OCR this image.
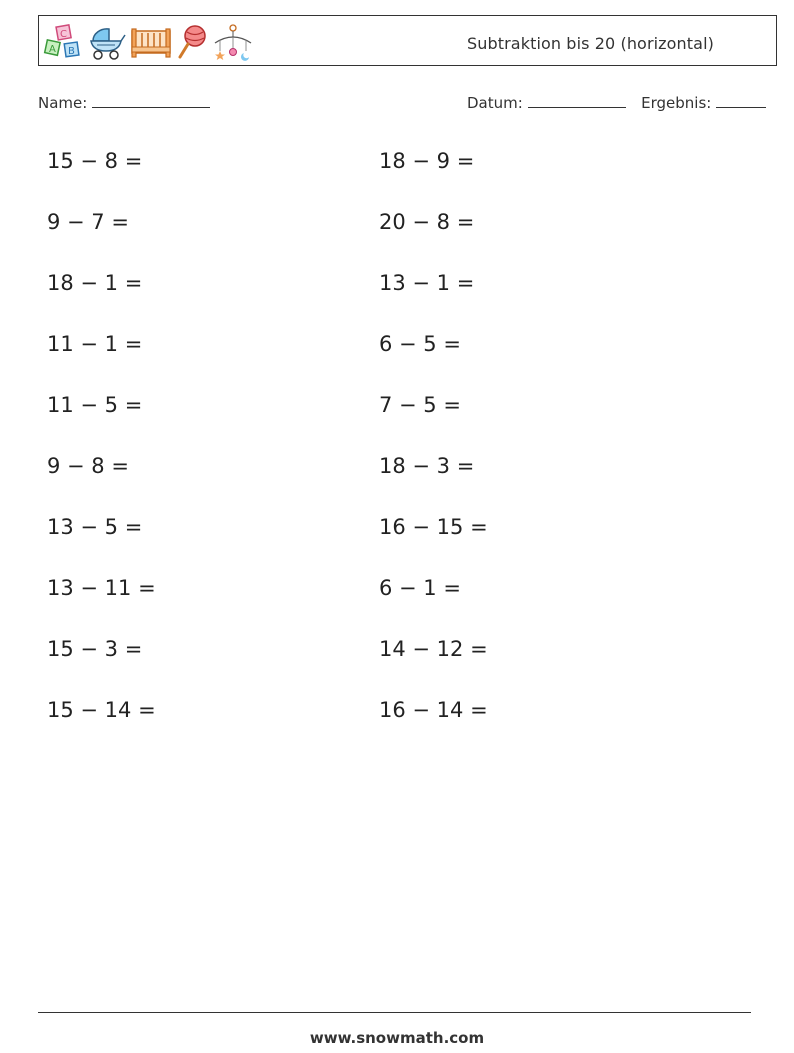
C
A B	Subtraktion bis 20 (horizontal)
Name:	Datum:	Ergebnis:
15 − 8 =
9 − 7 =
18 − 1 =
11 − 1 =
11 − 5 =
9 − 8 =
13 − 5 =
13 − 11 =
15 − 3 =
15 − 14 =
18 − 9 =
20 − 8 =
13 − 1 =
6 − 5 =
7 − 5 =
18 − 3 =
16 − 15 =
6 − 1 =
14 − 12 =
16 − 14 =
www.snowmath.com
